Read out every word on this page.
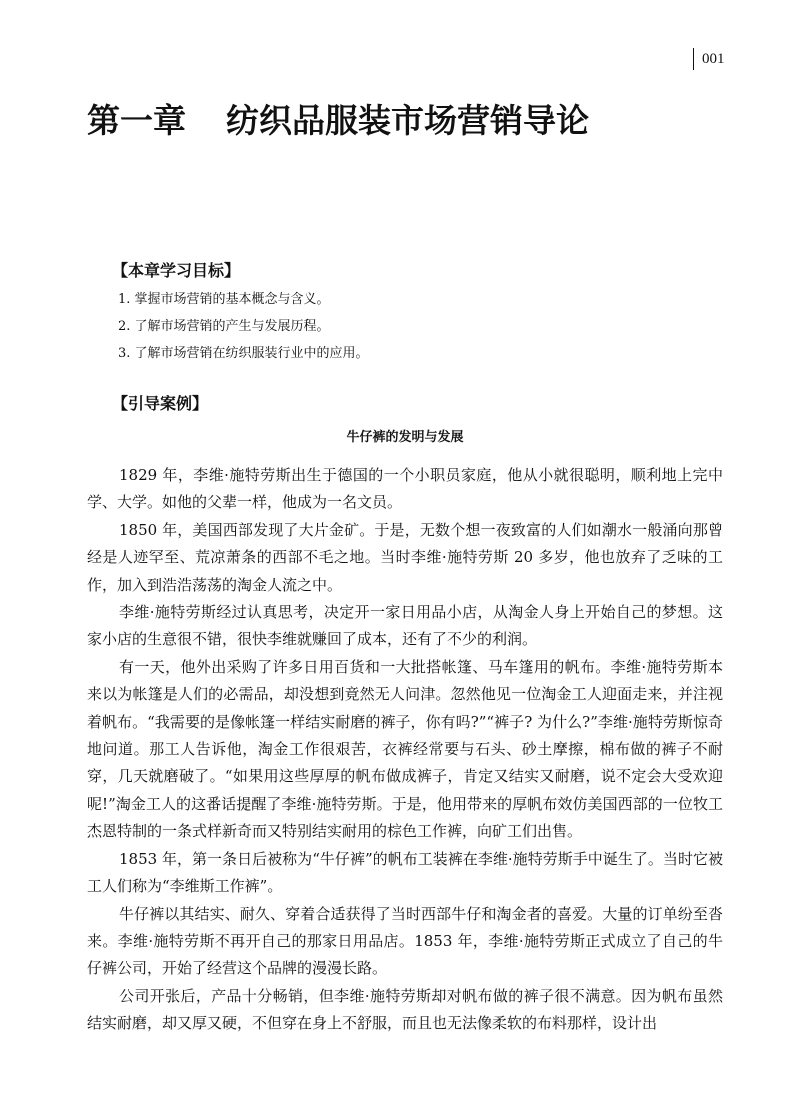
001
第一章 纺织品服装市场营销导论
【本章学习目标】
1. 掌握市场营销的基本概念与含义。
2. 了解市场营销的产生与发展历程。
3. 了解市场营销在纺织服装行业中的应用。
【引导案例】
牛仔裤的发明与发展

1829 年，李维·施特劳斯出生于德国的一个小职员家庭，他从小就很聪明，顺利地上完中学、大学。如他的父辈一样，他成为一名文员。

1850 年，美国西部发现了大片金矿。于是，无数个想一夜致富的人们如潮水一般涌向那曾经是人迹罕至、荒凉萧条的西部不毛之地。当时李维·施特劳斯 20 多岁，他也放弃了乏味的工作，加入到浩浩荡荡的淘金人流之中。

李维·施特劳斯经过认真思考，决定开一家日用品小店，从淘金人身上开始自己的梦想。这家小店的生意很不错，很快李维就赚回了成本，还有了不少的利润。

有一天，他外出采购了许多日用百货和一大批搭帐篷、马车篷用的帆布。李维·施特劳斯本来以为帐篷是人们的必需品，却没想到竟然无人问津。忽然他见一位淘金工人迎面走来，并注视着帆布。“我需要的是像帐篷一样结实耐磨的裤子，你有吗?”“裤子? 为什么?”李维·施特劳斯惊奇地问道。那工人告诉他，淘金工作很艰苦，衣裤经常要与石头、砂土摩擦，棉布做的裤子不耐穿，几天就磨破了。“如果用这些厚厚的帆布做成裤子，肯定又结实又耐磨，说不定会大受欢迎呢!”淘金工人的这番话提醒了李维·施特劳斯。于是，他用带来的厚帆布效仿美国西部的一位牧工杰恩特制的一条式样新奇而又特别结实耐用的棕色工作裤，向矿工们出售。

1853 年，第一条日后被称为“牛仔裤”的帆布工装裤在李维·施特劳斯手中诞生了。当时它被工人们称为“李维斯工作裤”。

牛仔裤以其结实、耐久、穿着合适获得了当时西部牛仔和淘金者的喜爱。大量的订单纷至沓来。李维·施特劳斯不再开自己的那家日用品店。1853 年，李维·施特劳斯正式成立了自己的牛仔裤公司，开始了经营这个品牌的漫漫长路。

公司开张后，产品十分畅销，但李维·施特劳斯却对帆布做的裤子很不满意。因为帆布虽然结实耐磨，却又厚又硬，不但穿在身上不舒服，而且也无法像柔软的布料那样，设计出
